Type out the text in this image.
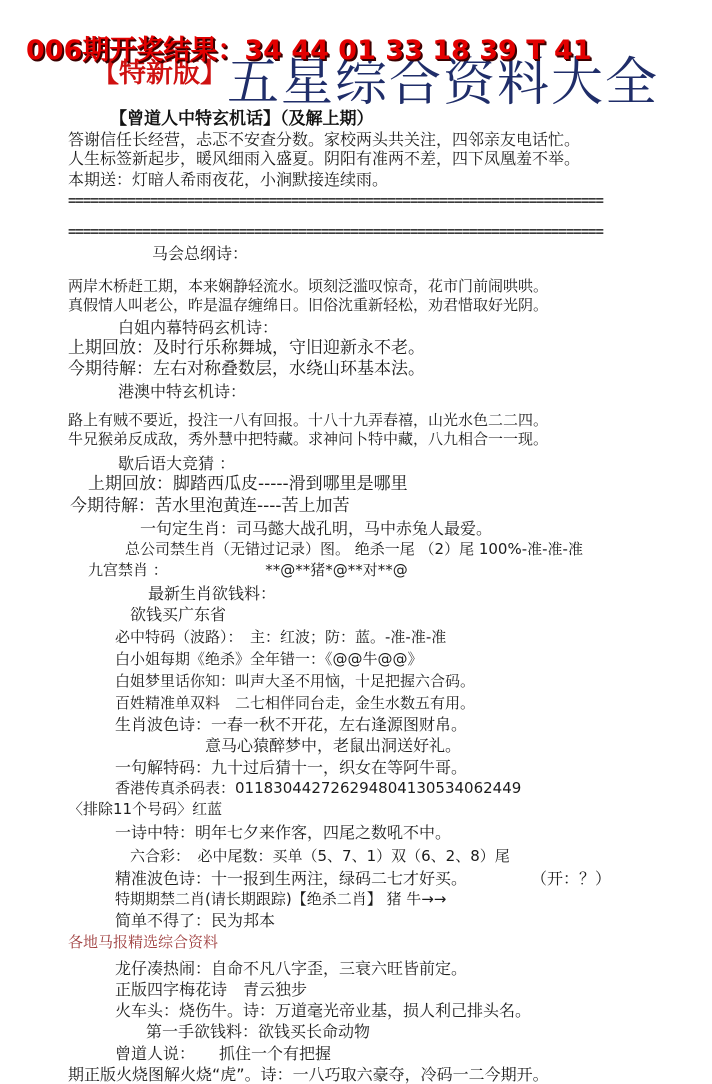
006期开奖结果：34 44 01 33 18 39 T 41
【特新版】五星综合资料大全
【曾道人中特玄机话】（及解上期）
答谢信任长经营，忐忑不安查分数。家校两头共关注，四邻亲友电话忙。
人生标签新起步，暖风细雨入盛夏。阴阳有准两不差，四下凤凰羞不举。
本期送：灯暗人希雨夜花，小涧默接连续雨。
========================================================================
========================================================================
马会总纲诗：
两岸木桥赶工期，本来娴静轻流水。顷刻泛滥叹惊奇，花市门前闹哄哄。
真假情人叫老公，昨是温存缠绵日。旧俗沈重新轻松，劝君惜取好光阴。
白姐内幕特码玄机诗：
上期回放：及时行乐称舞城，守旧迎新永不老。
今期待解：左右对称叠数层，水绕山环基本法。
港澳中特玄机诗：
路上有贼不要近，投注一八有回报。十八十九弄春禧，山光水色二二四。
牛兄猴弟反成敌，秀外慧中把特藏。求神问卜特中藏，八九相合一一现。
歇后语大竞猜 ：
上期回放：脚踏西瓜皮-----滑到哪里是哪里
今期待解：苦水里泡黄连----苦上加苦
一句定生肖：司马懿大战孔明，马中赤兔人最爱。
总公司禁生肖（无错过记录）图。 绝杀一尾 （2）尾 100%-准-准-准
九宫禁肖 ：　　　　　　　**@**猪*@**对**@
最新生肖欲钱料：
欲钱买广东省
必中特码（波路）：　主：红波；防：蓝。-准-准-准
白小姐每期《绝杀》全年错一：《@@牛@@》
白姐梦里话你知：叫声大圣不用恼，十足把握六合码。
百姓精准单双料　二七相伴同台走，金生水数五有用。
生肖波色诗：一春一秋不开花，左右逢源图财帛。
意马心猿醉梦中，老鼠出洞送好礼。
一句解特码：九十过后猜十一，织女在等阿牛哥。
香港传真杀码表：011830442726294804130534062449
〈排除11个号码〉红蓝
一诗中特：明年七夕来作客，四尾之数吼不中。
六合彩：　必中尾数：买单（5、7、1）双（6、2、8）尾
精准波色诗：十一报到生两注，绿码二七才好买。　　　　　（开：？）
特期期禁二肖(请长期跟踪)【绝杀二肖】 猪 牛→→
简单不得了：民为邦本
各地马报精选综合资料
龙仔凑热闹：自命不凡八字歪，三衰六旺皆前定。
正版四字梅花诗　青云独步
火车头：烧伤牛。诗：万道毫光帝业基，损人利己排头名。
第一手欲钱料：欲钱买长命动物
曾道人说：　　抓住一个有把握
期正版火烧图解火烧“虎”。诗：一八巧取六豪夺，冷码一二今期开。
